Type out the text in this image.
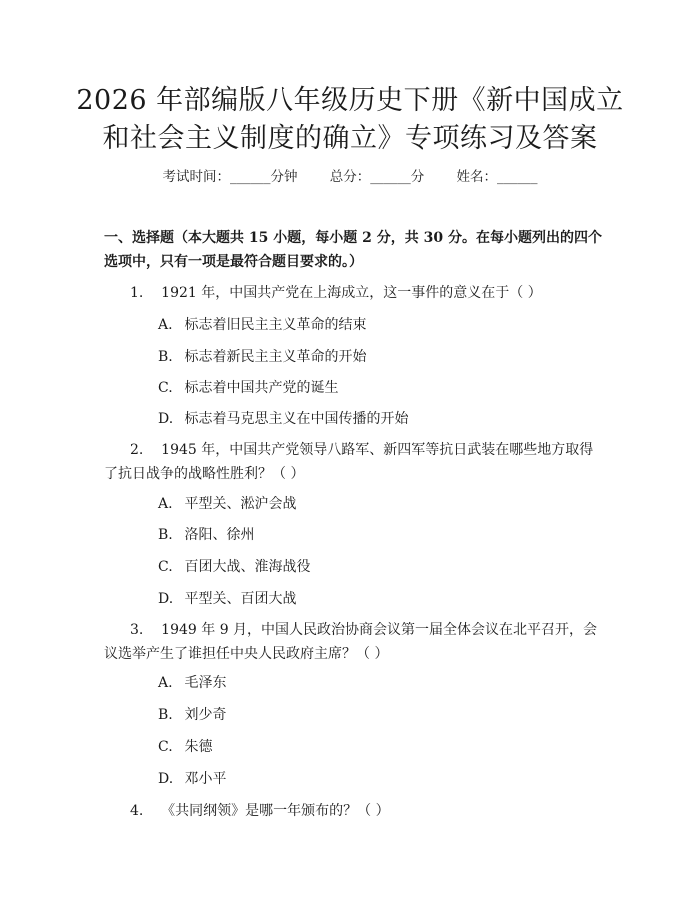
2026 年部编版八年级历史下册《新中国成立
和社会主义制度的确立》专项练习及答案
考试时间：______分钟 总分：______分 姓名：______
一、选择题（本大题共 15 小题，每小题 2 分，共 30 分。在每小题列出的四个选项中，只有一项是最符合题目要求的。）
1. 1921 年，中国共产党在上海成立，这一事件的意义在于（ ）
A. 标志着旧民主主义革命的结束
B. 标志着新民主主义革命的开始
C. 标志着中国共产党的诞生
D. 标志着马克思主义在中国传播的开始
2. 1945 年，中国共产党领导八路军、新四军等抗日武装在哪些地方取得了抗日战争的战略性胜利？（ ）
A. 平型关、淞沪会战
B. 洛阳、徐州
C. 百团大战、淮海战役
D. 平型关、百团大战
3. 1949 年 9 月，中国人民政治协商会议第一届全体会议在北平召开，会议选举产生了谁担任中央人民政府主席？（ ）
A. 毛泽东
B. 刘少奇
C. 朱德
D. 邓小平
4. 《共同纲领》是哪一年颁布的？（ ）
